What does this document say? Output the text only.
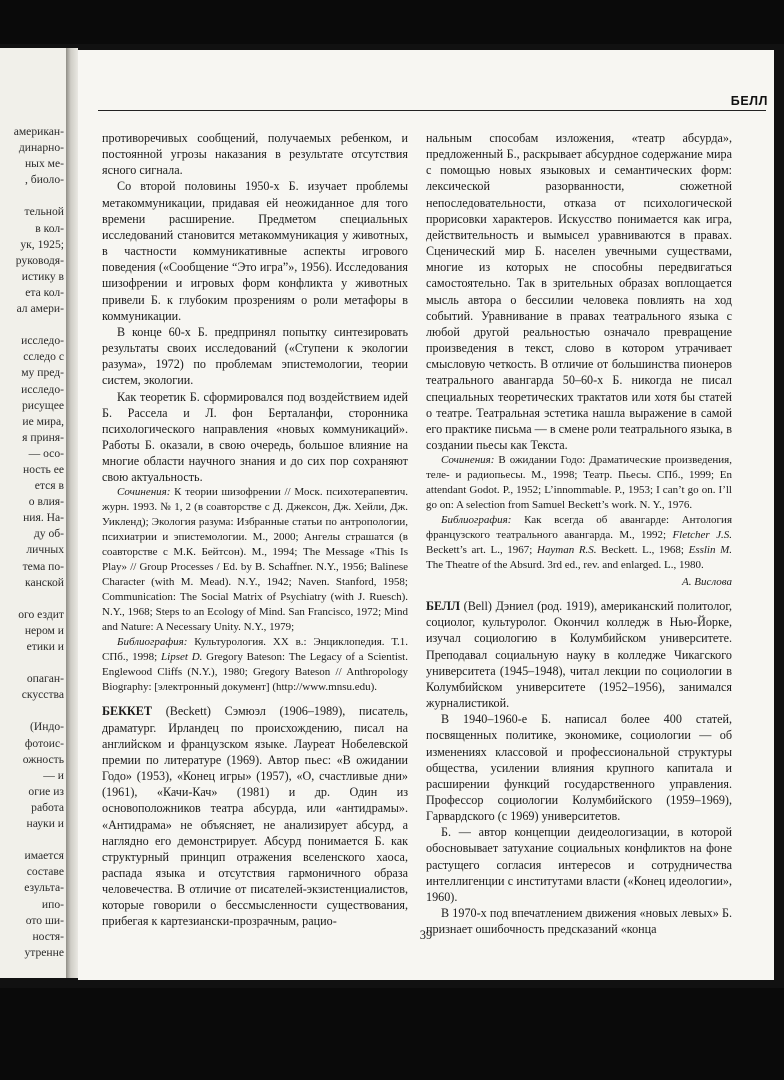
американ-
динарно-
ных ме-
, биоло-

тельной
в кол-
ук, 1925;
руководя-
истику в
ета кол-
ал амери-

исследо-
сследо с
му пред-
исследо-
рисущее
ие мира,
я приня-
— осо-
ность ее
ется в
о влия-
ния. На-
ду об-
личных
тема по-
канской

ого ездит
нером и
етики и

опаган-
скусства

(Индо-
фотоис-
ожность
— и
огие из
работа
науки и

имается
составе
езульта-
ипо-
ото ши-
ностя-
утренне
БЕЛЛ

противоречивых сообщений, получаемых ребенком, и постоянной угрозы наказания в результате отсутствия ясного сигнала.

Со второй половины 1950-х Б. изучает проблемы метакоммуникации, придавая ей неожиданное для того времени расширение. Предметом специальных исследований становится метакоммуникация у животных, в частности коммуникативные аспекты игрового поведения («Сообщение “Это игра”», 1956). Исследования шизофрении и игровых форм конфликта у животных привели Б. к глубоким прозрениям о роли метафоры в коммуникации.

В конце 60-х Б. предпринял попытку синтезировать результаты своих исследований («Ступени к экологии разума», 1972) по проблемам эпистемологии, теории систем, экологии.

Как теоретик Б. сформировался под воздействием идей Б. Рассела и Л. фон Берталанфи, сторонника психологического направления «новых коммуникаций». Работы Б. оказали, в свою очередь, большое влияние на многие области научного знания и до сих пор сохраняют свою актуальность.

Сочинения: К теории шизофрении // Моск. психотерапевтич. журн. 1993. № 1, 2 (в соавторстве с Д. Джексон, Дж. Хейли, Дж. Уикленд); Экология разума: Избранные статьи по антропологии, психиатрии и эпистемологии. М., 2000; Ангелы страшатся (в соавторстве с М.К. Бейтсон). М., 1994; The Message «This Is Play» // Group Processes / Ed. by B. Schaffner. N.Y., 1956; Balinese Character (with M. Mead). N.Y., 1942; Naven. Stanford, 1958; Communication: The Social Matrix of Psychiatry (with J. Ruesch). N.Y., 1968; Steps to an Ecology of Mind. San Francisco, 1972; Mind and Nature: A Necessary Unity. N.Y., 1979;

Библиография: Культурология. XX в.: Энциклопедия. Т.1. СПб., 1998; Lipset D. Gregory Bateson: The Legacy of a Scientist. Englewood Cliffs (N.Y.), 1980; Gregory Bateson // Anthropology Biography: [электронный документ] (http://www.mnsu.edu).

БЕККЕТ (Beckett) Сэмюэл (1906–1989), писатель, драматург. Ирландец по происхождению, писал на английском и французском языке. Лауреат Нобелевской премии по литературе (1969). Автор пьес: «В ожидании Годо» (1953), «Конец игры» (1957), «О, счастливые дни» (1961), «Качи-Кач» (1981) и др. Один из основоположников театра абсурда, или «антидрамы». «Антидрама» не объясняет, не анализирует абсурд, а наглядно его демонстрирует. Абсурд понимается Б. как структурный принцип отражения вселенского хаоса, распада языка и отсутствия гармоничного образа человечества. В отличие от писателей-экзистенциалистов, которые говорили о бессмысленности существования, прибегая к картезиански-прозрачным, рацио-

нальным способам изложения, «театр абсурда», предложенный Б., раскрывает абсурдное содержание мира с помощью новых языковых и семантических форм: лексической разорванности, сюжетной непоследовательности, отказа от психологической прорисовки характеров. Искусство понимается как игра, действительность и вымысел уравниваются в правах. Сценический мир Б. населен увечными существами, многие из которых не способны передвигаться самостоятельно. Так в зрительных образах воплощается мысль автора о бессилии человека повлиять на ход событий. Уравнивание в правах театрального языка с любой другой реальностью означало превращение произведения в текст, слово в котором утрачивает смысловую четкость. В отличие от большинства пионеров театрального авангарда 50–60-х Б. никогда не писал специальных теоретических трактатов или хотя бы статей о театре. Театральная эстетика нашла выражение в самой его практике письма — в смене роли театрального языка, в создании пьесы как Текста.

Сочинения: В ожидании Годо: Драматические произведения, теле- и радиопьесы. М., 1998; Театр. Пьесы. СПб., 1999; En attendant Godot. P., 1952; L’innommable. P., 1953; I can’t go on. I’ll go on: A selection from Samuel Beckett’s work. N. Y., 1976.

Библиография: Как всегда об авангарде: Антология французского театрального авангарда. М., 1992; Fletcher J.S. Beckett’s art. L., 1967; Hayman R.S. Beckett. L., 1968; Esslin M. The Theatre of the Absurd. 3rd ed., rev. and enlarged. L., 1980.

А. Вислова

БЕЛЛ (Bell) Дэниел (род. 1919), американский политолог, социолог, культуролог. Окончил колледж в Нью-Йорке, изучал социологию в Колумбийском университете. Преподавал социальную науку в колледже Чикагского университета (1945–1948), читал лекции по социологии в Колумбийском университете (1952–1956), занимался журналистикой.

В 1940–1960-е Б. написал более 400 статей, посвященных политике, экономике, социологии — об изменениях классовой и профессиональной структуры общества, усилении влияния крупного капитала и расширении функций государственного управления. Профессор социологии Колумбийского (1959–1969), Гарвардского (с 1969) университетов.

Б. — автор концепции деидеологизации, в которой обосновывает затухание социальных конфликтов на фоне растущего согласия интересов и сотрудничества интеллигенции с институтами власти («Конец идеологии», 1960).

В 1970-х под впечатлением движения «новых левых» Б. признает ошибочность предсказаний «конца

39
